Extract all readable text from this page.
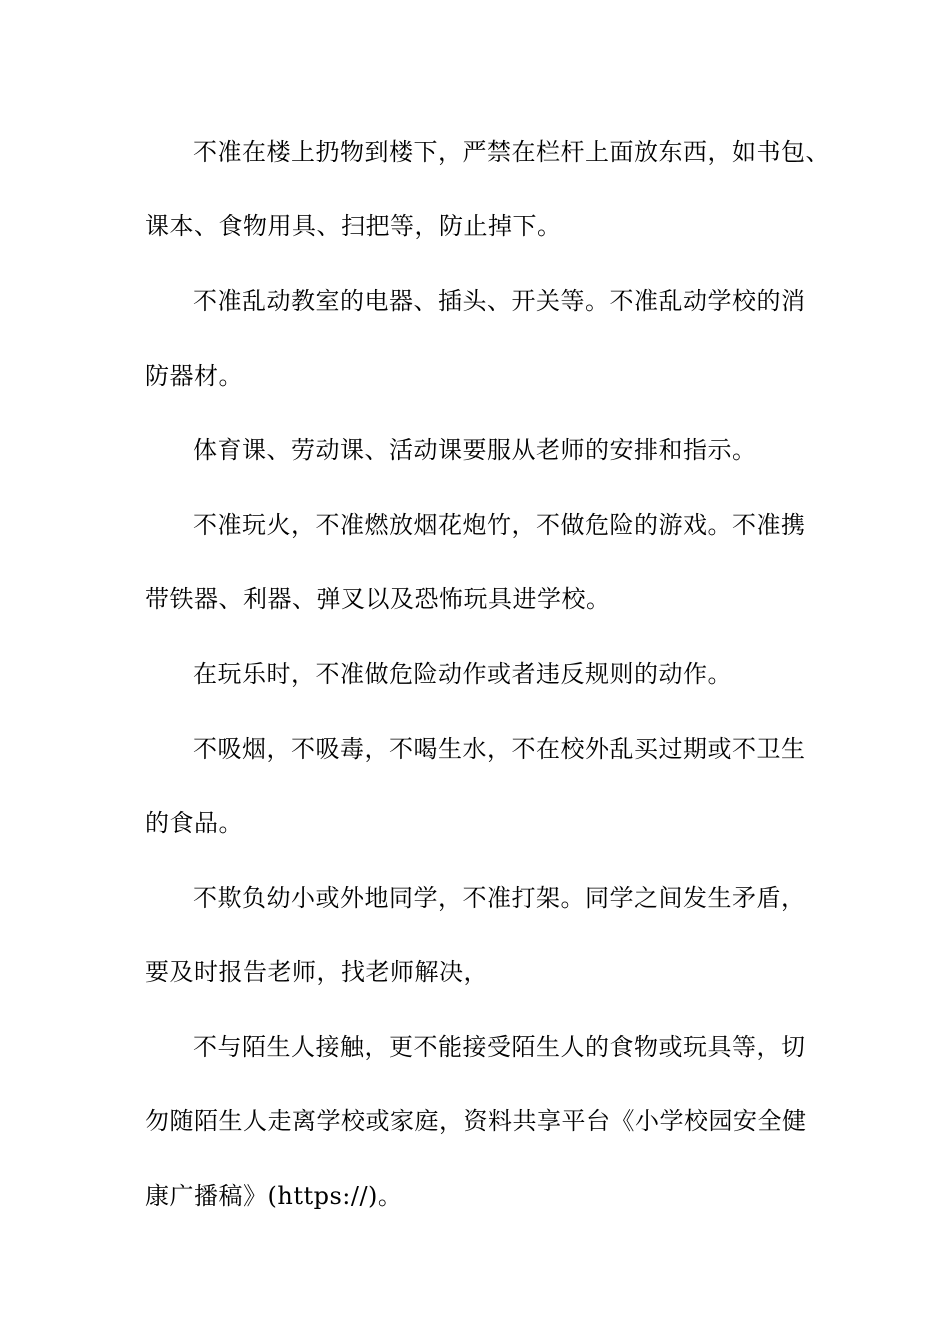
不准在楼上扔物到楼下，严禁在栏杆上面放东西，如书包、
课本、食物用具、扫把等，防止掉下。
不准乱动教室的电器、插头、开关等。不准乱动学校的消
防器材。
体育课、劳动课、活动课要服从老师的安排和指示。
不准玩火，不准燃放烟花炮竹，不做危险的游戏。不准携
带铁器、利器、弹叉以及恐怖玩具进学校。
在玩乐时，不准做危险动作或者违反规则的动作。
不吸烟，不吸毒，不喝生水，不在校外乱买过期或不卫生
的食品。
不欺负幼小或外地同学，不准打架。同学之间发生矛盾，
要及时报告老师，找老师解决，
不与陌生人接触，更不能接受陌生人的食物或玩具等，切
勿随陌生人走离学校或家庭，资料共享平台《小学校园安全健
康广播稿》(https://)。
